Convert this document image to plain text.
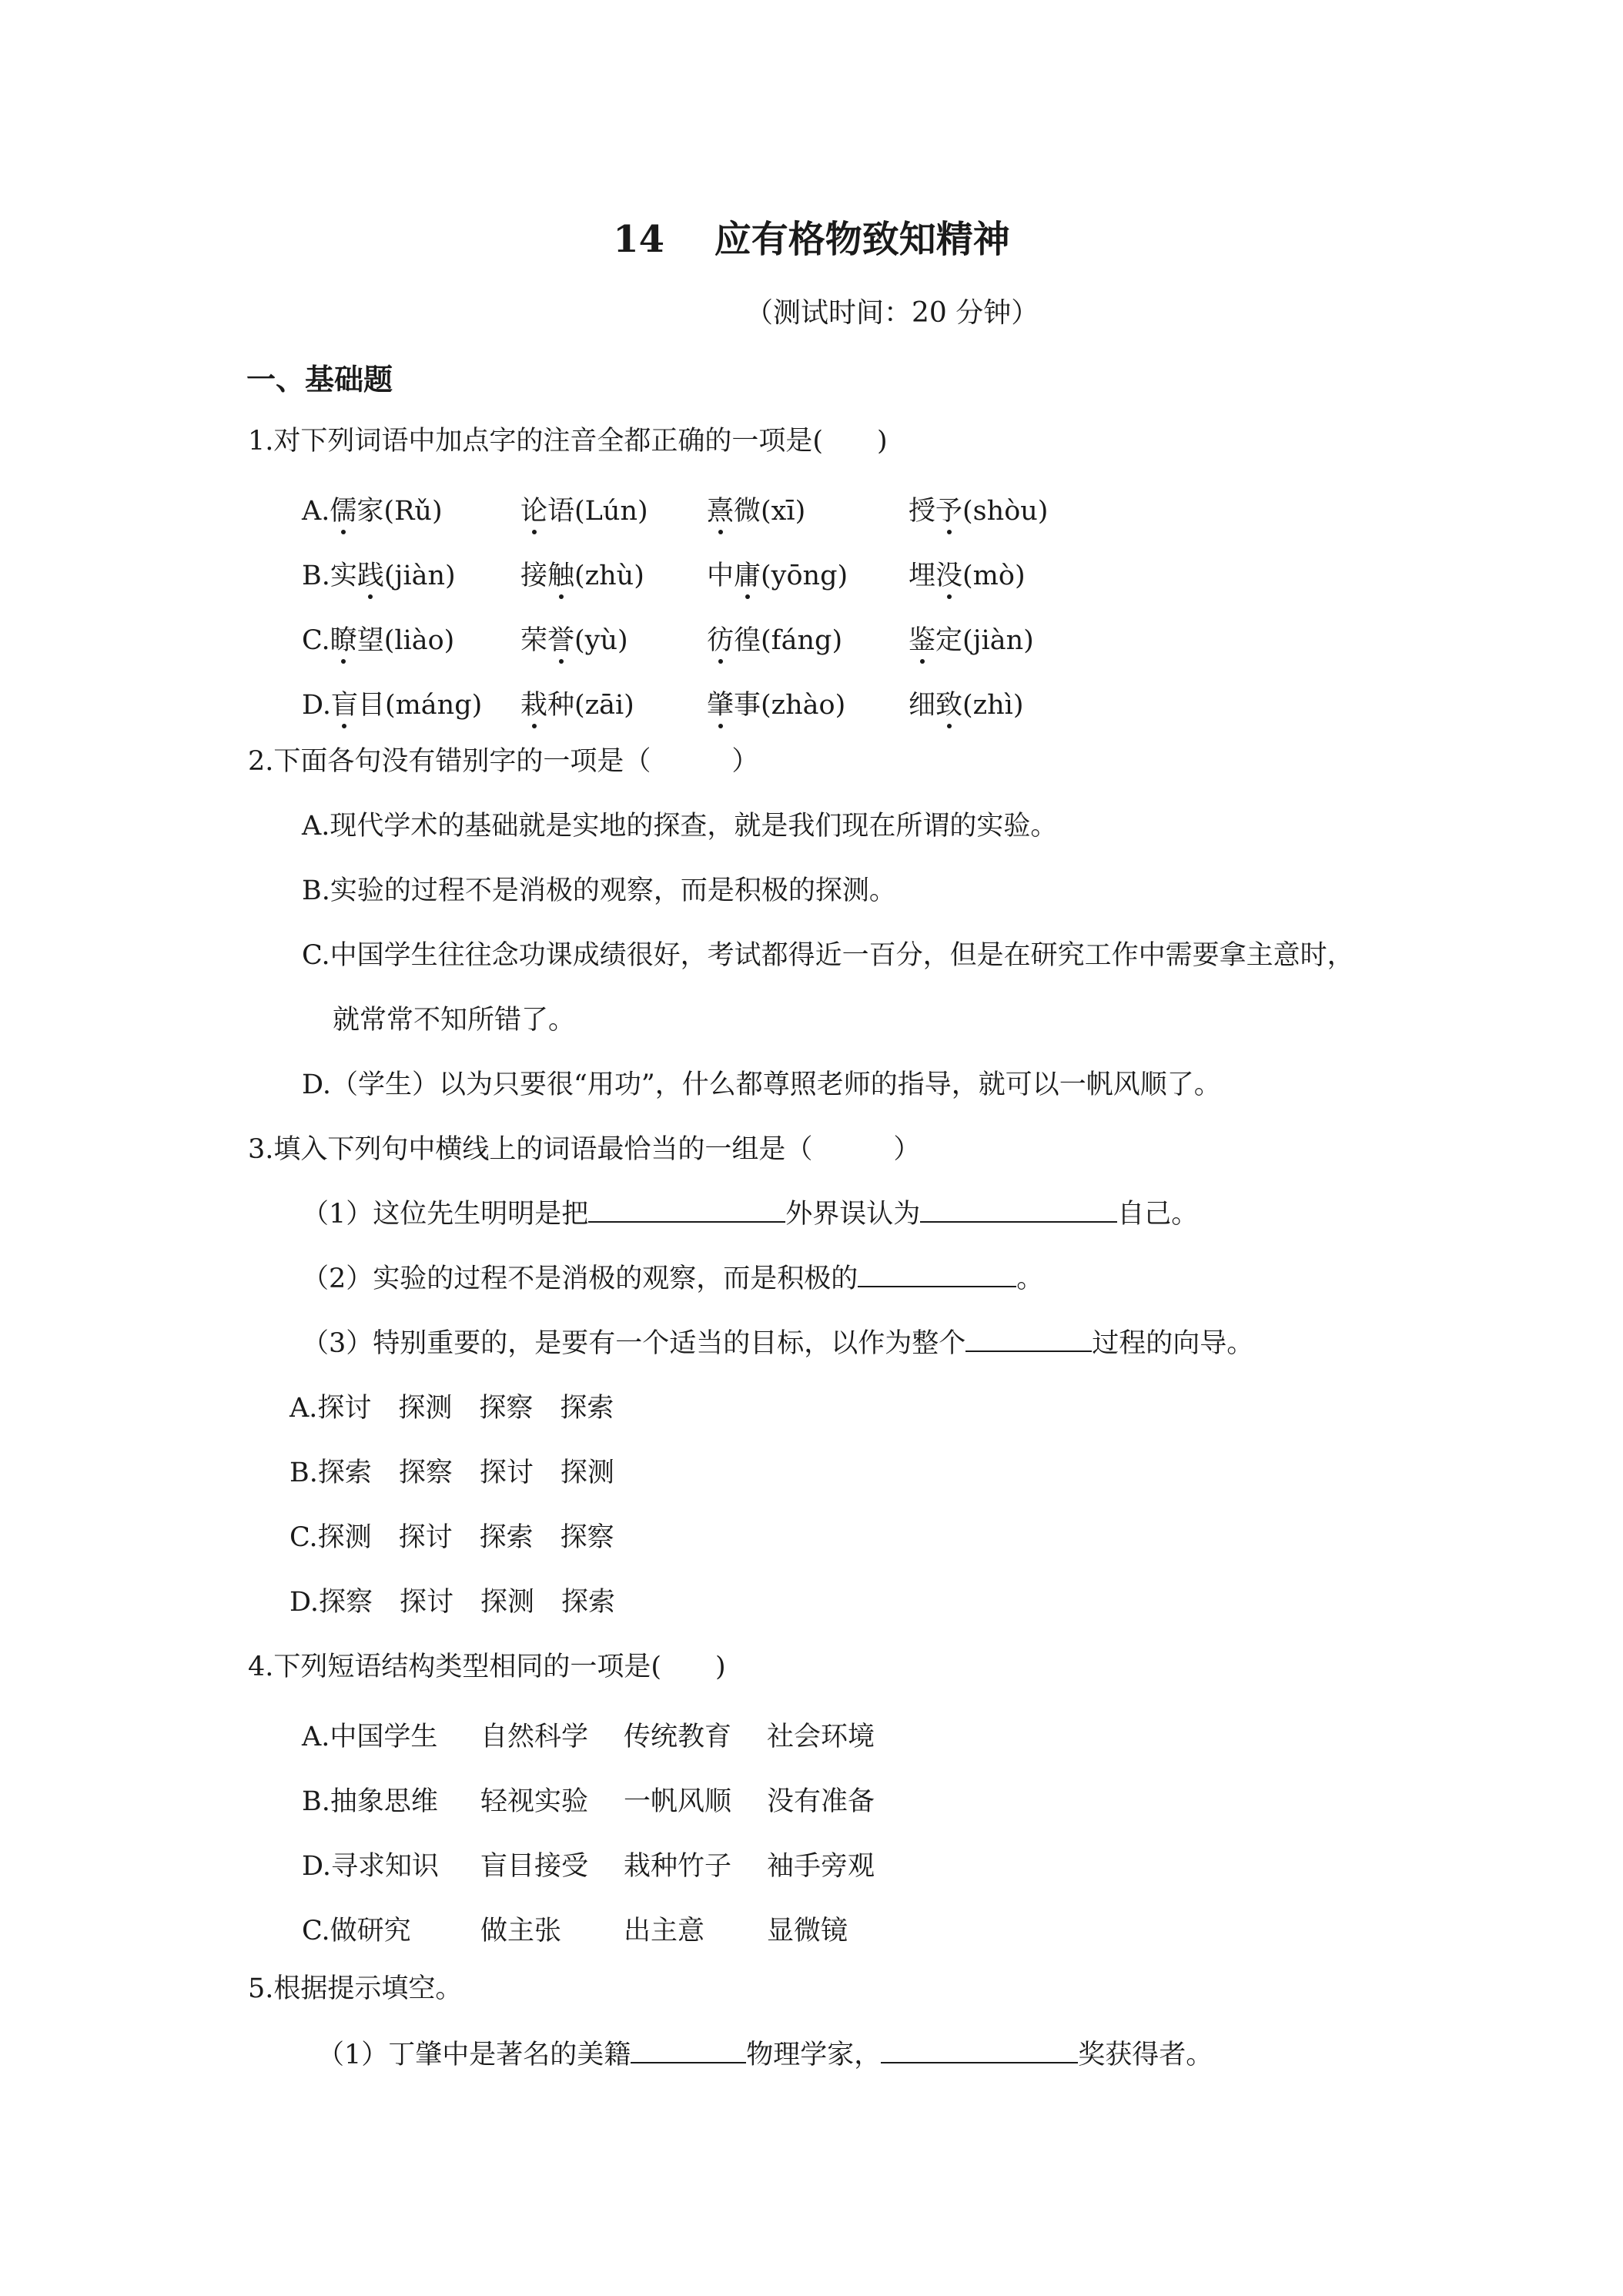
14　 应有格物致知精神
（测试时间：20 分钟）
一、基础题
1.对下列词语中加点字的注音全都正确的一项是(　　)
A.儒家(Rǔ)	论语(Lún) 熹微(xī)	授予(shòu)
B.实践(jiàn) 接触(zhù) 中庸(yōng) 埋没(mò)
C.瞭望(liào) 荣誉(yù)	彷徨(fáng) 鉴定(jiàn)
D.盲目(máng) 栽种(zāi)	肇事(zhào) 细致(zhì)
2.下面各句没有错别字的一项是（　　　）
A.现代学术的基础就是实地的探查，就是我们现在所谓的实验。
B.实验的过程不是消极的观察，而是积极的探测。
C.中国学生往往念功课成绩很好，考试都得近一百分，但是在研究工作中需要拿主意时，
就常常不知所错了。
D.（学生）以为只要很“用功”，什么都尊照老师的指导，就可以一帆风顺了。
3.填入下列句中横线上的词语最恰当的一组是（　　　）
（1）这位先生明明是把	外界误认为	自己。
（2）实验的过程不是消极的观察，而是积极的	。
（3）特别重要的，是要有一个适当的目标，以作为整个	过程的向导。
A.探讨　探测　探察　探索
B.探索　探察　探讨　探测
C.探测　探讨　探索　探察
D.探察　探讨　探测　探索
4.下列短语结构类型相同的一项是(　　)
A.中国学生 自然科学 传统教育 社会环境
B.抽象思维 轻视实验 一帆风顺 没有准备
D.寻求知识 盲目接受 栽种竹子 袖手旁观
C.做研究	做主张 出主意 显微镜
5.根据提示填空。
（1）丁肇中是著名的美籍	物理学家，	奖获得者。
